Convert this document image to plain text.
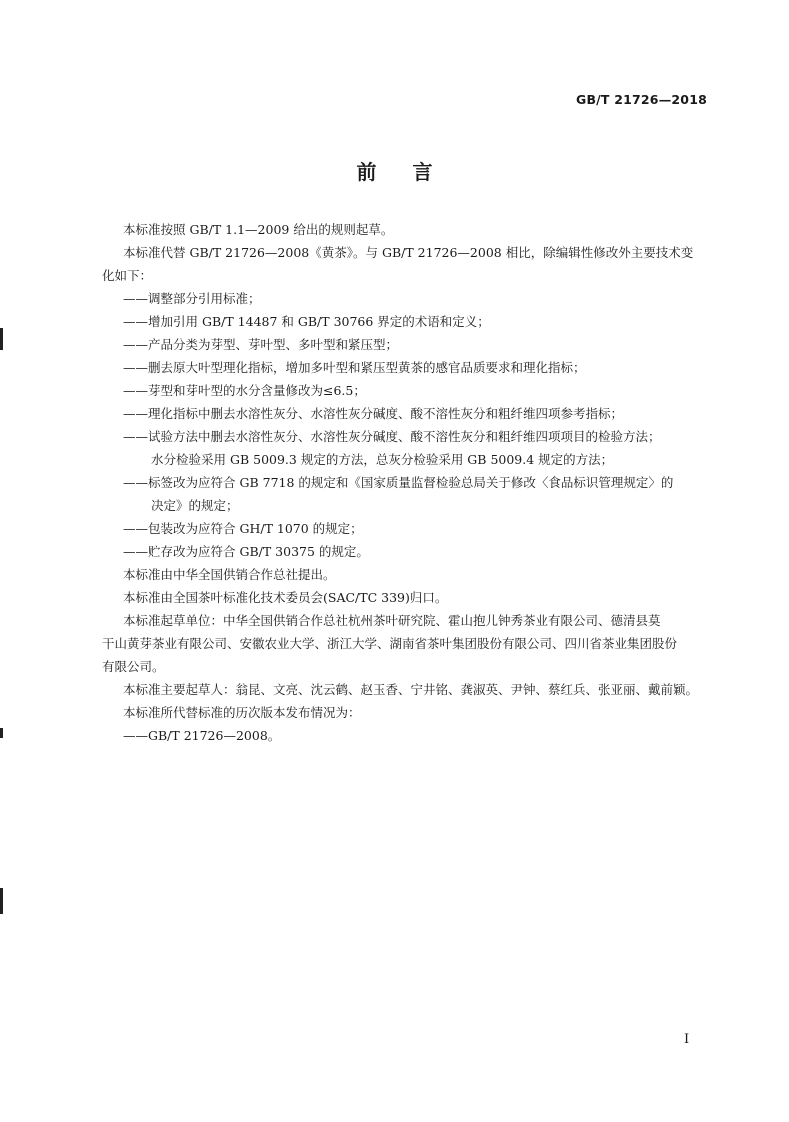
GB/T 21726—2018
前 言

本标准按照 GB/T 1.1—2009 给出的规则起草。

本标准代替 GB/T 21726—2008《黄茶》。与 GB/T 21726—2008 相比，除编辑性修改外主要技术变

化如下：

——调整部分引用标准；

——增加引用 GB/T 14487 和 GB/T 30766 界定的术语和定义；

——产品分类为芽型、芽叶型、多叶型和紧压型；

——删去原大叶型理化指标，增加多叶型和紧压型黄茶的感官品质要求和理化指标；

——芽型和芽叶型的水分含量修改为≤6.5；

——理化指标中删去水溶性灰分、水溶性灰分碱度、酸不溶性灰分和粗纤维四项参考指标；

——试验方法中删去水溶性灰分、水溶性灰分碱度、酸不溶性灰分和粗纤维四项项目的检验方法；

水分检验采用 GB 5009.3 规定的方法，总灰分检验采用 GB 5009.4 规定的方法；

——标签改为应符合 GB 7718 的规定和《国家质量监督检验总局关于修改〈食品标识管理规定〉的

决定》的规定；

——包装改为应符合 GH/T 1070 的规定；

——贮存改为应符合 GB/T 30375 的规定。

本标准由中华全国供销合作总社提出。

本标准由全国茶叶标准化技术委员会(SAC/TC 339)归口。

本标准起草单位：中华全国供销合作总社杭州茶叶研究院、霍山抱儿钟秀茶业有限公司、德清县莫

干山黄芽茶业有限公司、安徽农业大学、浙江大学、湖南省茶叶集团股份有限公司、四川省茶业集团股份

有限公司。

本标准主要起草人：翁昆、文亮、沈云鹤、赵玉香、宁井铭、龚淑英、尹钟、蔡红兵、张亚丽、戴前颖。

本标准所代替标准的历次版本发布情况为：

——GB/T 21726—2008。

I
